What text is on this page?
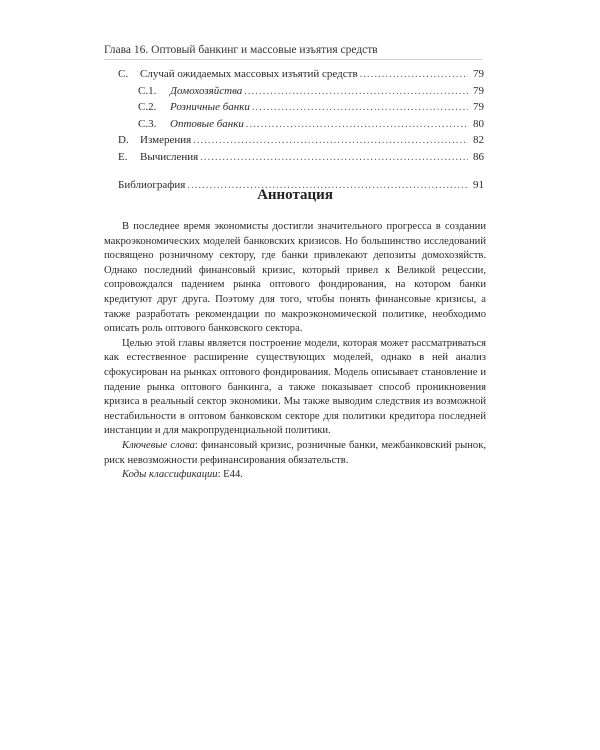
Глава 16. Оптовый банкинг и массовые изъятия средств
C.	Случай ожидаемых массовых изъятий средств .....	79
C.1.	Домохозяйства .....	79
C.2.	Розничные банки .....	79
C.3.	Оптовые банки .....	80
D.	Измерения .....	82
E.	Вычисления .....	86
Библиография .....	91
Аннотация

В последнее время экономисты достигли значительного прогресса в создании макроэкономических моделей банковских кризисов. Но большинство исследований посвящено розничному сектору, где банки привлекают депозиты домохозяйств. Однако последний финансовый кризис, который привел к Великой рецессии, сопровождался падением рынка оптового фондирования, на котором банки кредитуют друг друга. Поэтому для того, чтобы понять финансовые кризисы, а также разработать рекомендации по макроэкономической политике, необходимо описать роль оптового банковского сектора.

Целью этой главы является построение модели, которая может рассматриваться как естественное расширение существующих моделей, однако в ней анализ сфокусирован на рынках оптового фондирования. Модель описывает становление и падение рынка оптового банкинга, а также показывает способ проникновения кризиса в реальный сектор экономики. Мы также выводим следствия из возможной нестабильности в оптовом банковском секторе для политики кредитора последней инстанции и для макропруденциальной политики.

Ключевые слова: финансовый кризис, розничные банки, межбанковский рынок, риск невозможности рефинансирования обязательств.

Коды классификации: E44.
